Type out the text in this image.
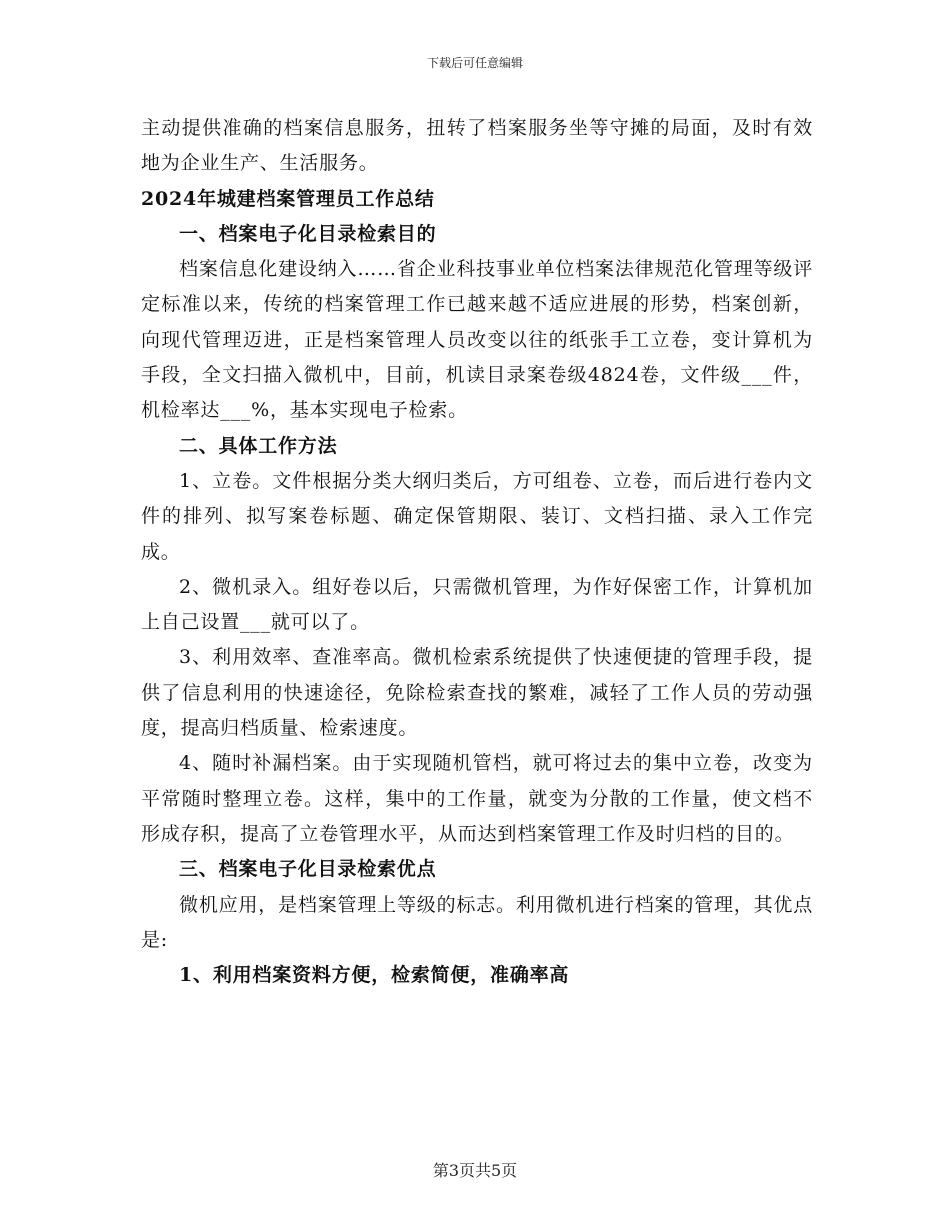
下载后可任意编辑

主动提供准确的档案信息服务，扭转了档案服务坐等守摊的局面，及时有效地为企业生产、生活服务。

2024年城建档案管理员工作总结

一、档案电子化目录检索目的

档案信息化建设纳入……省企业科技事业单位档案法律规范化管理等级评定标准以来，传统的档案管理工作已越来越不适应进展的形势，档案创新，向现代管理迈进，正是档案管理人员改变以往的纸张手工立卷，变计算机为手段，全文扫描入微机中，目前，机读目录案卷级4824卷，文件级___件，机检率达___%，基本实现电子检索。

二、具体工作方法

1、立卷。文件根据分类大纲归类后，方可组卷、立卷，而后进行卷内文件的排列、拟写案卷标题、确定保管期限、装订、文档扫描、录入工作完成。

2、微机录入。组好卷以后，只需微机管理，为作好保密工作，计算机加上自己设置___就可以了。

3、利用效率、查准率高。微机检索系统提供了快速便捷的管理手段，提供了信息利用的快速途径，免除检索查找的繁难，减轻了工作人员的劳动强度，提高归档质量、检索速度。

4、随时补漏档案。由于实现随机管档，就可将过去的集中立卷，改变为平常随时整理立卷。这样，集中的工作量，就变为分散的工作量，使文档不形成存积，提高了立卷管理水平，从而达到档案管理工作及时归档的目的。

三、档案电子化目录检索优点

微机应用，是档案管理上等级的标志。利用微机进行档案的管理，其优点是:

1、利用档案资料方便，检索简便，准确率高

第3页共5页
